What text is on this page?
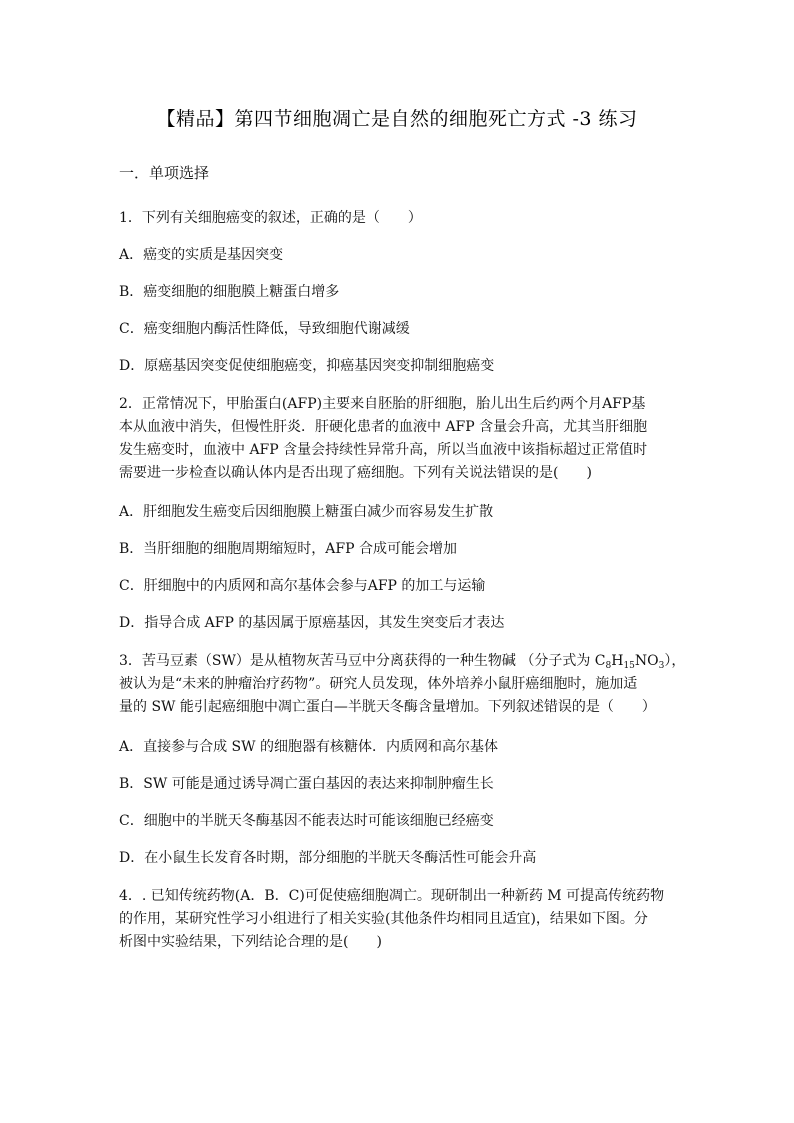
【精品】第四节细胞凋亡是自然的细胞死亡方式 -3 练习
一．单项选择
1．下列有关细胞癌变的叙述，正确的是（　　）
A．癌变的实质是基因突变
B．癌变细胞的细胞膜上糖蛋白增多
C．癌变细胞内酶活性降低，导致细胞代谢减缓
D．原癌基因突变促使细胞癌变，抑癌基因突变抑制细胞癌变
2．正常情况下，甲胎蛋白(AFP)主要来自胚胎的肝细胞，胎儿出生后约两个月AFP基
本从血液中消失，但慢性肝炎．肝硬化患者的血液中 AFP 含量会升高，尤其当肝细胞
发生癌变时，血液中 AFP 含量会持续性异常升高，所以当血液中该指标超过正常值时
需要进一步检查以确认体内是否出现了癌细胞。下列有关说法错误的是(　　)
A．肝细胞发生癌变后因细胞膜上糖蛋白减少而容易发生扩散
B．当肝细胞的细胞周期缩短时，AFP 合成可能会增加
C．肝细胞中的内质网和高尔基体会参与AFP 的加工与运输
D．指导合成 AFP 的基因属于原癌基因，其发生突变后才表达
3．苦马豆素（SW）是从植物灰苦马豆中分离获得的一种生物碱 （分子式为 $C_8H_{15}NO_3$），
被认为是“未来的肿瘤治疗药物”。研究人员发现，体外培养小鼠肝癌细胞时，施加适
量的 SW 能引起癌细胞中凋亡蛋白—半胱天冬酶含量增加。下列叙述错误的是（　　）
A．直接参与合成 SW 的细胞器有核糖体．内质网和高尔基体
B．SW 可能是通过诱导凋亡蛋白基因的表达来抑制肿瘤生长
C．细胞中的半胱天冬酶基因不能表达时可能该细胞已经癌变
D．在小鼠生长发育各时期，部分细胞的半胱天冬酶活性可能会升高
4．. 已知传统药物(A．B．C)可促使癌细胞凋亡。现研制出一种新药 M 可提高传统药物
的作用，某研究性学习小组进行了相关实验(其他条件均相同且适宜)，结果如下图。分
析图中实验结果，下列结论合理的是(　　)
